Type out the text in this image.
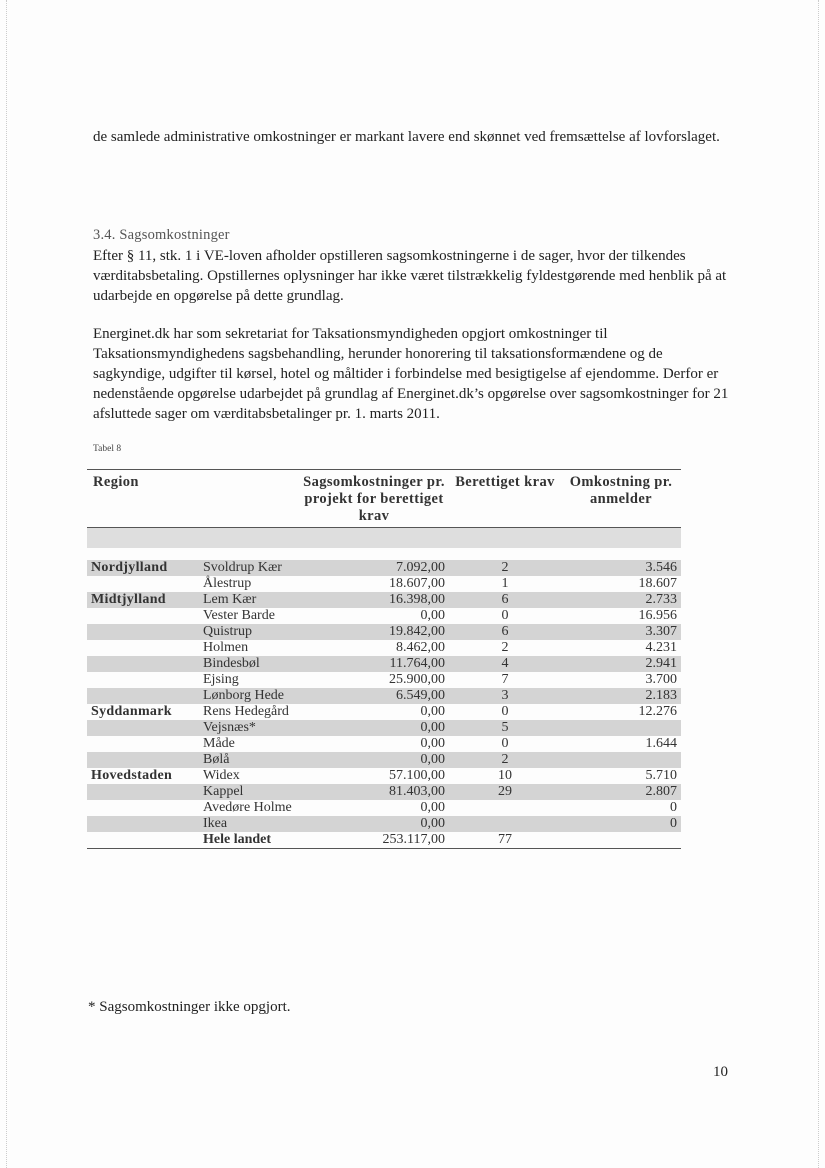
de samlede administrative omkostninger er markant lavere end skønnet ved fremsættelse af lovforslaget.

3.4. Sagsomkostninger

Efter § 11, stk. 1 i VE-loven afholder opstilleren sagsomkostningerne i de sager, hvor der tilkendes værditabsbetaling. Opstillernes oplysninger har ikke været tilstrækkelig fyldestgørende med henblik på at udarbejde en opgørelse på dette grundlag.

Energinet.dk har som sekretariat for Taksationsmyndigheden opgjort omkostninger til Taksationsmyndighedens sagsbehandling, herunder honorering til taksationsformændene og de sagkyndige, udgifter til kørsel, hotel og måltider i forbindelse med besigtigelse af ejendomme. Derfor er nedenstående opgørelse udarbejdet på grundlag af Energinet.dk’s opgørelse over sagsomkostninger for 21 afsluttede sager om værditabsbetalinger pr. 1. marts 2011.

Tabel 8
Region		Sagsomkostninger pr. projekt for berettiget krav	Berettiget krav	Omkostning pr. anmelder

Nordjylland	Svoldrup Kær	7.092,00	2	3.546
	Ålestrup	18.607,00	1	18.607
Midtjylland	Lem Kær	16.398,00	6	2.733
	Vester Barde	0,00	0	16.956
	Quistrup	19.842,00	6	3.307
	Holmen	8.462,00	2	4.231
	Bindesbøl	11.764,00	4	2.941
	Ejsing	25.900,00	7	3.700
	Lønborg Hede	6.549,00	3	2.183
Syddanmark	Rens Hedegård	0,00	0	12.276
	Vejsnæs*	0,00	5	
	Måde	0,00	0	1.644
	Bølå	0,00	2	
Hovedstaden	Widex	57.100,00	10	5.710
	Kappel	81.403,00	29	2.807
	Avedøre Holme	0,00		0
	Ikea	0,00		0
	Hele landet	253.117,00	77	
* Sagsomkostninger ikke opgjort.
10
